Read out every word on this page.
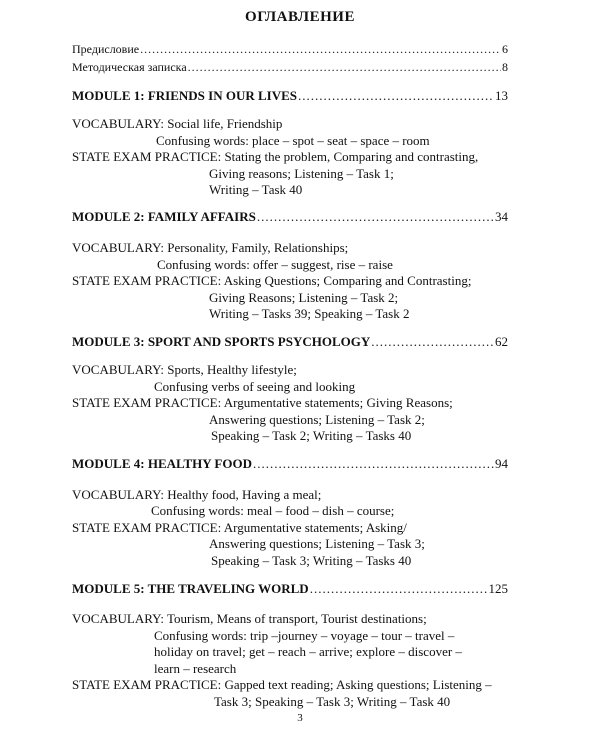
ОГЛАВЛЕНИЕ
Предисловие .....	6
Методическая записка .....	8
MODULE 1: FRIENDS IN OUR LIVES .....	13
VOCABULARY: Social life, Friendship
Confusing words: place – spot – seat – space – room
STATE EXAM PRACTICE: Stating the problem, Comparing and contrasting,
Giving reasons; Listening – Task 1;
Writing – Task 40
MODULE 2: FAMILY AFFAIRS .....	34
VOCABULARY: Personality, Family, Relationships;
Confusing words: offer – suggest, rise – raise
STATE EXAM PRACTICE: Asking Questions; Comparing and Contrasting;
Giving Reasons; Listening – Task 2;
Writing – Tasks 39; Speaking – Task 2
MODULE 3: SPORT AND SPORTS PSYCHOLOGY .....	62
VOCABULARY: Sports, Healthy lifestyle;
Confusing verbs of seeing and looking
STATE EXAM PRACTICE: Argumentative statements; Giving Reasons;
Answering questions; Listening – Task 2;
Speaking – Task 2; Writing – Tasks 40
MODULE 4: HEALTHY FOOD .....	94
VOCABULARY: Healthy food, Having a meal;
Confusing words: meal – food – dish – course;
STATE EXAM PRACTICE: Argumentative statements; Asking/
Answering questions; Listening – Task 3;
Speaking – Task 3; Writing – Tasks 40
MODULE 5: THE TRAVELING WORLD .....	125
VOCABULARY: Tourism, Means of transport, Tourist destinations;
Confusing words: trip –journey – voyage – tour – travel –
holiday on travel; get – reach – arrive; explore – discover –
learn – research
STATE EXAM PRACTICE: Gapped text reading; Asking questions; Listening –
Task 3; Speaking – Task 3; Writing – Task 40
3
